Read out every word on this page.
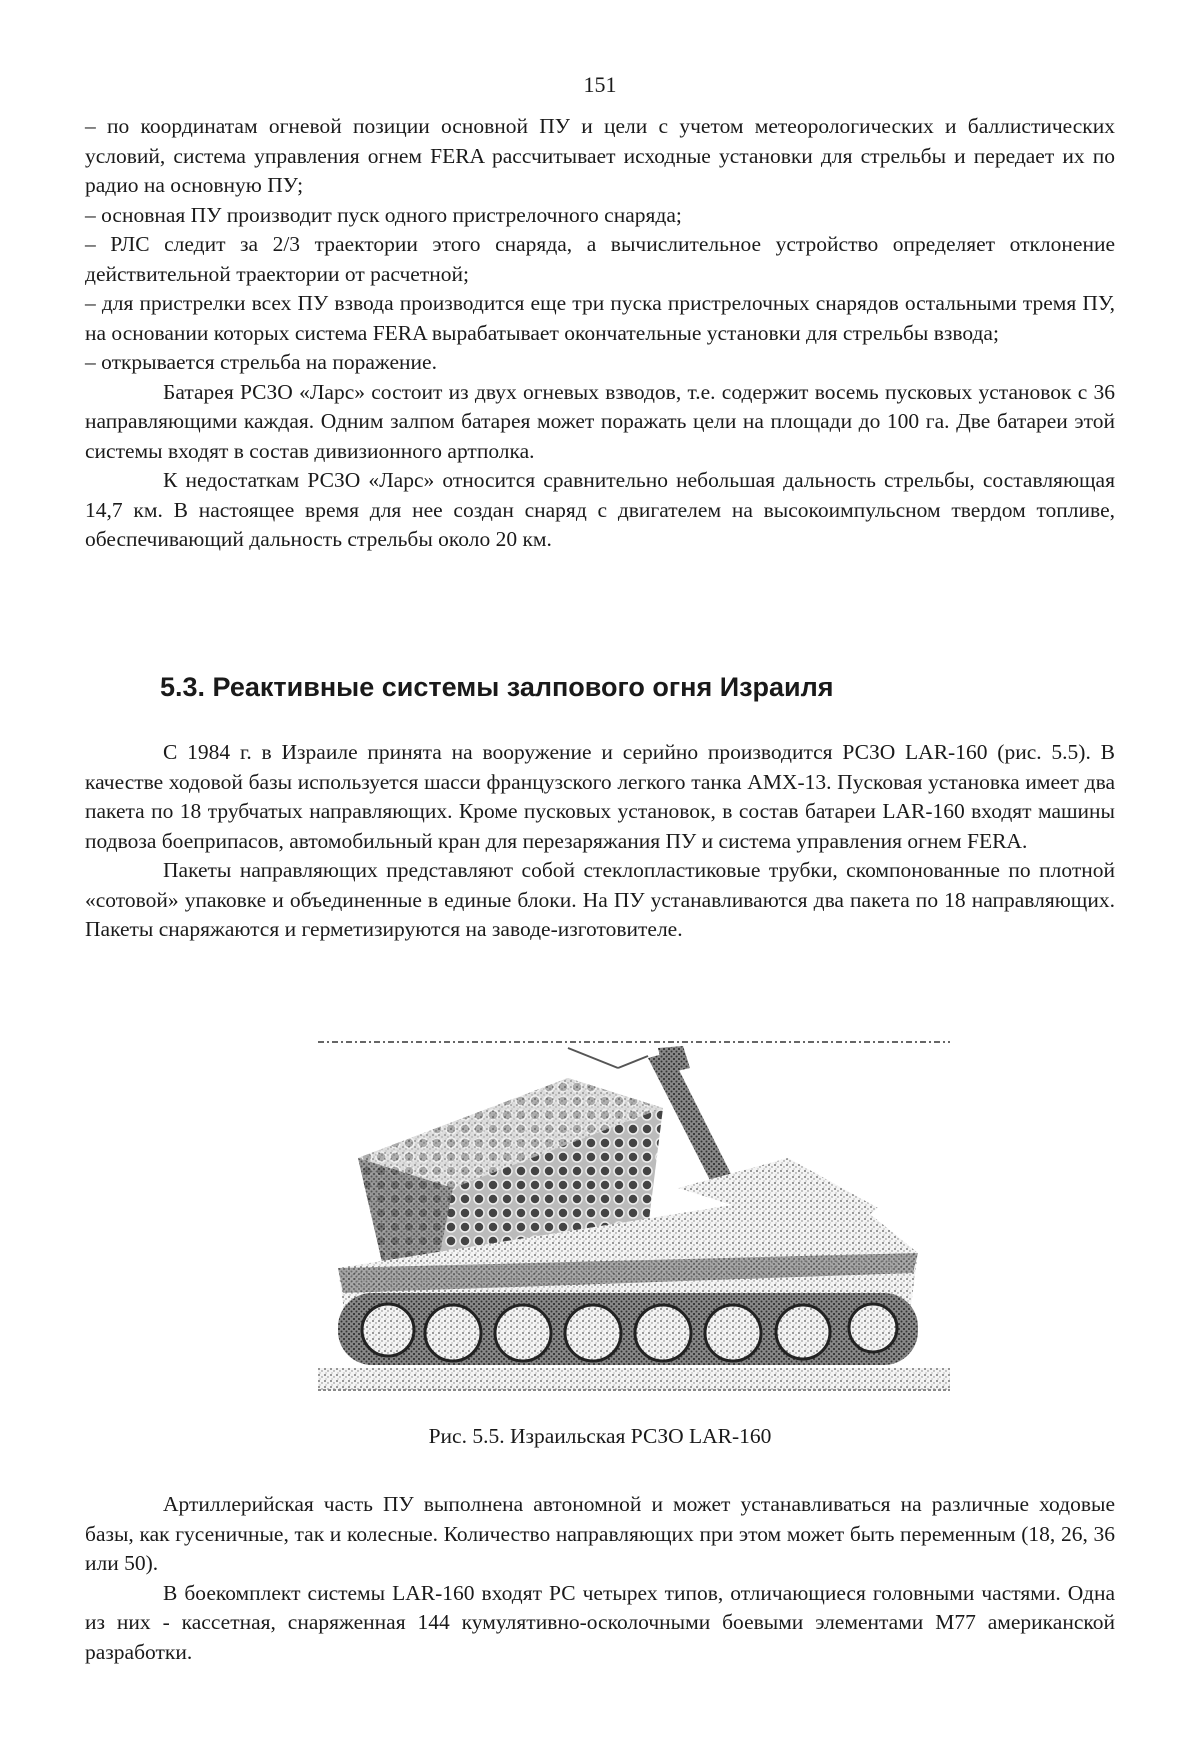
151

– по координатам огневой позиции основной ПУ и цели с учетом метеорологических и баллистических условий, система управления огнем FERA рассчитывает исходные установки для стрельбы и передает их по радио на основную ПУ;

– основная ПУ производит пуск одного пристрелочного снаряда;

– РЛС следит за 2/3 траектории этого снаряда, а вычислительное устройство определяет отклонение действительной траектории от расчетной;

– для пристрелки всех ПУ взвода производится еще три пуска пристрелочных снарядов остальными тремя ПУ, на основании которых система FERA вырабатывает окончательные установки для стрельбы взвода;

– открывается стрельба на поражение.

Батарея РСЗО «Ларс» состоит из двух огневых взводов, т.е. содержит восемь пусковых установок с 36 направляющими каждая. Одним залпом батарея может поражать цели на площади до 100 га. Две батареи этой системы входят в состав дивизионного артполка.

К недостаткам РСЗО «Ларс» относится сравнительно небольшая дальность стрельбы, составляющая 14,7 км. В настоящее время для нее создан снаряд с двигателем на высокоимпульсном твердом топливе, обеспечивающий дальность стрельбы около 20 км.

5.3. Реактивные системы залпового огня Израиля

С 1984 г. в Израиле принята на вооружение и серийно производится РСЗО LAR-160 (рис. 5.5). В качестве ходовой базы используется шасси французского легкого танка AMX-13. Пусковая установка имеет два пакета по 18 трубчатых направляющих. Кроме пусковых установок, в состав батареи LAR-160 входят машины подвоза боеприпасов, автомобильный кран для перезаряжания ПУ и система управления огнем FERA.

Пакеты направляющих представляют собой стеклопластиковые трубки, скомпонованные по плотной «сотовой» упаковке и объединенные в единые блоки. На ПУ устанавливаются два пакета по 18 направляющих. Пакеты снаряжаются и герметизируются на заводе-изготовителе.

Рис. 5.5. Израильская РСЗО LAR-160

Артиллерийская часть ПУ выполнена автономной и может устанавливаться на различные ходовые базы, как гусеничные, так и колесные. Количество направляющих при этом может быть переменным (18, 26, 36 или 50).

В боекомплект системы LAR-160 входят РС четырех типов, отличающиеся головными частями. Одна из них - кассетная, снаряженная 144 кумулятивно-осколочными боевыми элементами M77 американской разработки.
